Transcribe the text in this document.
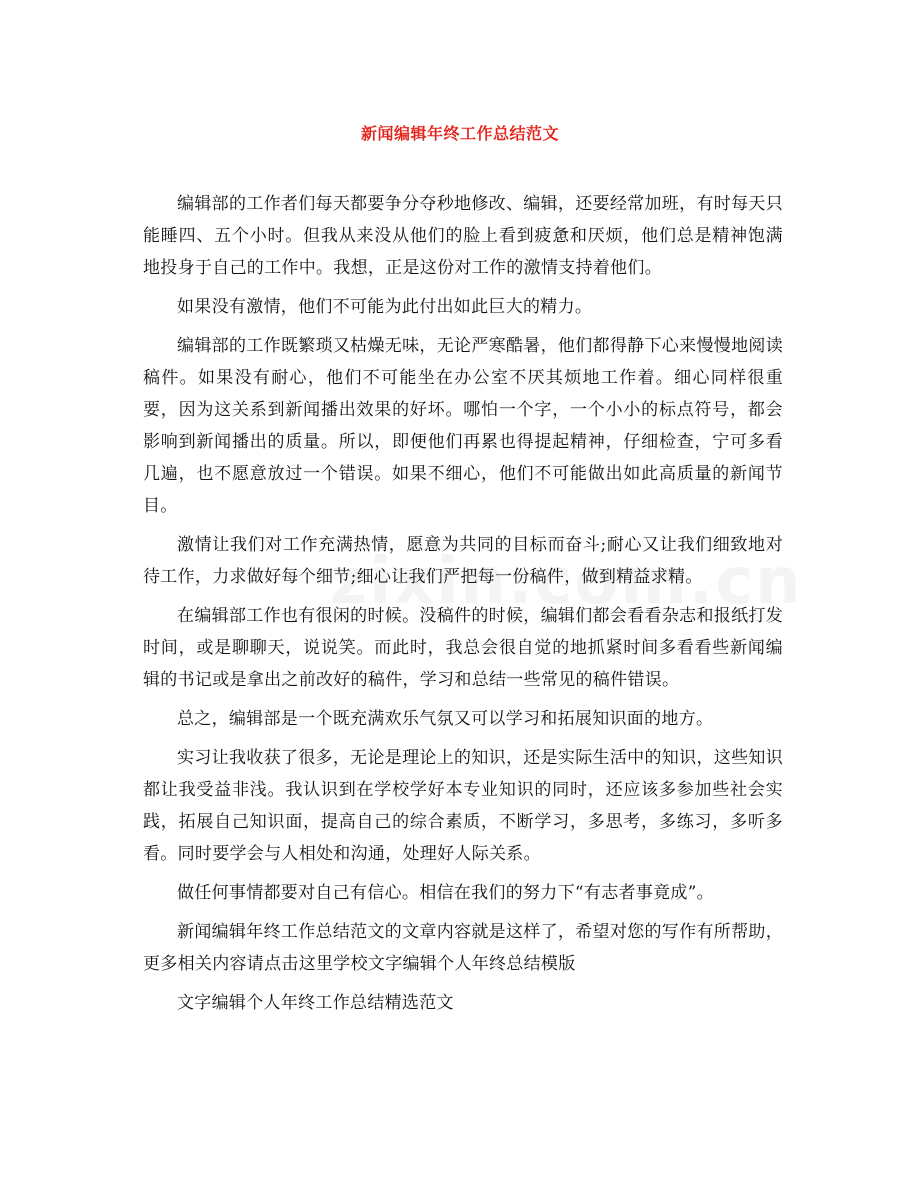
新闻编辑年终工作总结范文

编辑部的工作者们每天都要争分夺秒地修改、编辑，还要经常加班，有时每天只能睡四、五个小时。但我从来没从他们的脸上看到疲惫和厌烦，他们总是精神饱满地投身于自己的工作中。我想，正是这份对工作的激情支持着他们。

如果没有激情，他们不可能为此付出如此巨大的精力。

编辑部的工作既繁琐又枯燥无味，无论严寒酷暑，他们都得静下心来慢慢地阅读稿件。如果没有耐心，他们不可能坐在办公室不厌其烦地工作着。细心同样很重要，因为这关系到新闻播出效果的好坏。哪怕一个字，一个小小的标点符号，都会影响到新闻播出的质量。所以，即便他们再累也得提起精神，仔细检查，宁可多看几遍，也不愿意放过一个错误。如果不细心，他们不可能做出如此高质量的新闻节目。

激情让我们对工作充满热情，愿意为共同的目标而奋斗;耐心又让我们细致地对待工作，力求做好每个细节;细心让我们严把每一份稿件，做到精益求精。

在编辑部工作也有很闲的时候。没稿件的时候，编辑们都会看看杂志和报纸打发时间，或是聊聊天，说说笑。而此时，我总会很自觉的地抓紧时间多看看些新闻编辑的书记或是拿出之前改好的稿件，学习和总结一些常见的稿件错误。

总之，编辑部是一个既充满欢乐气氛又可以学习和拓展知识面的地方。

实习让我收获了很多，无论是理论上的知识，还是实际生活中的知识，这些知识都让我受益非浅。我认识到在学校学好本专业知识的同时，还应该多参加些社会实践，拓展自己知识面，提高自己的综合素质，不断学习，多思考，多练习，多听多看。同时要学会与人相处和沟通，处理好人际关系。

做任何事情都要对自己有信心。相信在我们的努力下“有志者事竟成”。

新闻编辑年终工作总结范文的文章内容就是这样了，希望对您的写作有所帮助，更多相关内容请点击这里学校文字编辑个人年终总结模版

文字编辑个人年终工作总结精选范文
